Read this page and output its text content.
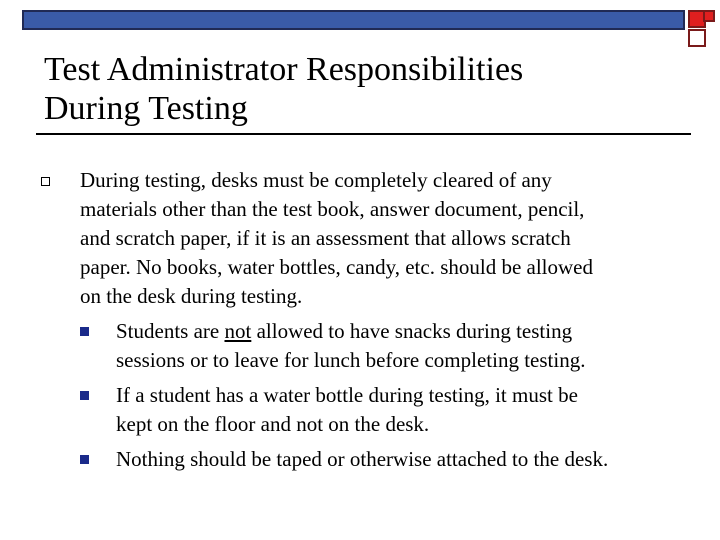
Test Administrator Responsibilities
During Testing
During testing, desks must be completely cleared of any
materials other than the test book, answer document, pencil,
and scratch paper, if it is an assessment that allows scratch
paper. No books, water bottles, candy, etc. should be allowed
on the desk during testing.
Students are not allowed to have snacks during testing
sessions or to leave for lunch before completing testing.
If a student has a water bottle during testing, it must be
kept on the floor and not on the desk.
Nothing should be taped or otherwise attached to the desk.
